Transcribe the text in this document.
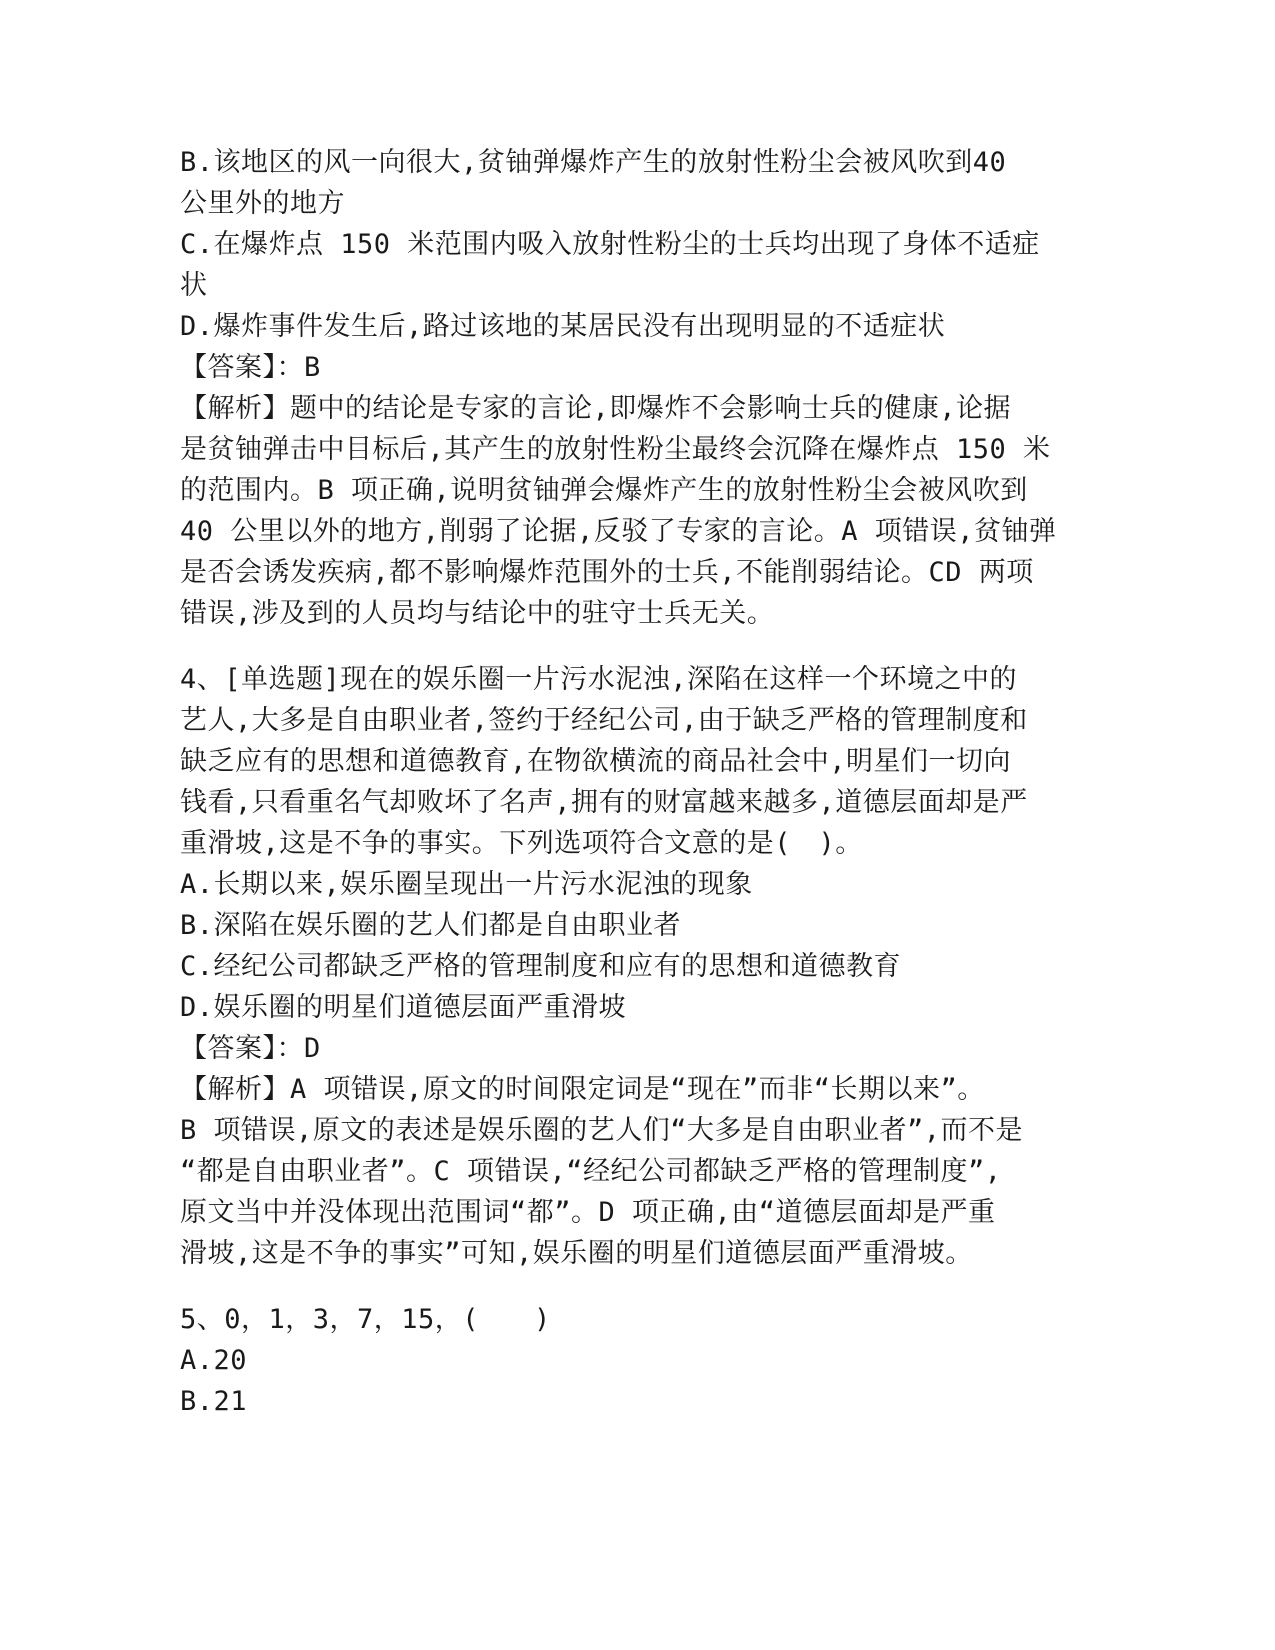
B.该地区的风一向很大,贫铀弹爆炸产生的放射性粉尘会被风吹到40
公里外的地方
C.在爆炸点 150 米范围内吸入放射性粉尘的士兵均出现了身体不适症
状
D.爆炸事件发生后,路过该地的某居民没有出现明显的不适症状
【答案】：B
【解析】题中的结论是专家的言论,即爆炸不会影响士兵的健康,论据
是贫铀弹击中目标后,其产生的放射性粉尘最终会沉降在爆炸点 150 米
的范围内。B 项正确,说明贫铀弹会爆炸产生的放射性粉尘会被风吹到
40 公里以外的地方,削弱了论据,反驳了专家的言论。A 项错误,贫铀弹
是否会诱发疾病,都不影响爆炸范围外的士兵,不能削弱结论。CD 两项
错误,涉及到的人员均与结论中的驻守士兵无关。
4、[单选题]现在的娱乐圈一片污水泥浊,深陷在这样一个环境之中的
艺人,大多是自由职业者,签约于经纪公司,由于缺乏严格的管理制度和
缺乏应有的思想和道德教育,在物欲横流的商品社会中,明星们一切向
钱看,只看重名气却败坏了名声,拥有的财富越来越多,道德层面却是严
重滑坡,这是不争的事实。下列选项符合文意的是(　)。
A.长期以来,娱乐圈呈现出一片污水泥浊的现象
B.深陷在娱乐圈的艺人们都是自由职业者
C.经纪公司都缺乏严格的管理制度和应有的思想和道德教育
D.娱乐圈的明星们道德层面严重滑坡
【答案】：D
【解析】A 项错误,原文的时间限定词是“现在”而非“长期以来”。
B 项错误,原文的表述是娱乐圈的艺人们“大多是自由职业者”,而不是
“都是自由职业者”。C 项错误,“经纪公司都缺乏严格的管理制度”,
原文当中并没体现出范围词“都”。D 项正确,由“道德层面却是严重
滑坡,这是不争的事实”可知,娱乐圈的明星们道德层面严重滑坡。
5、0，1，3，7，15，(　　)
A.20
B.21
